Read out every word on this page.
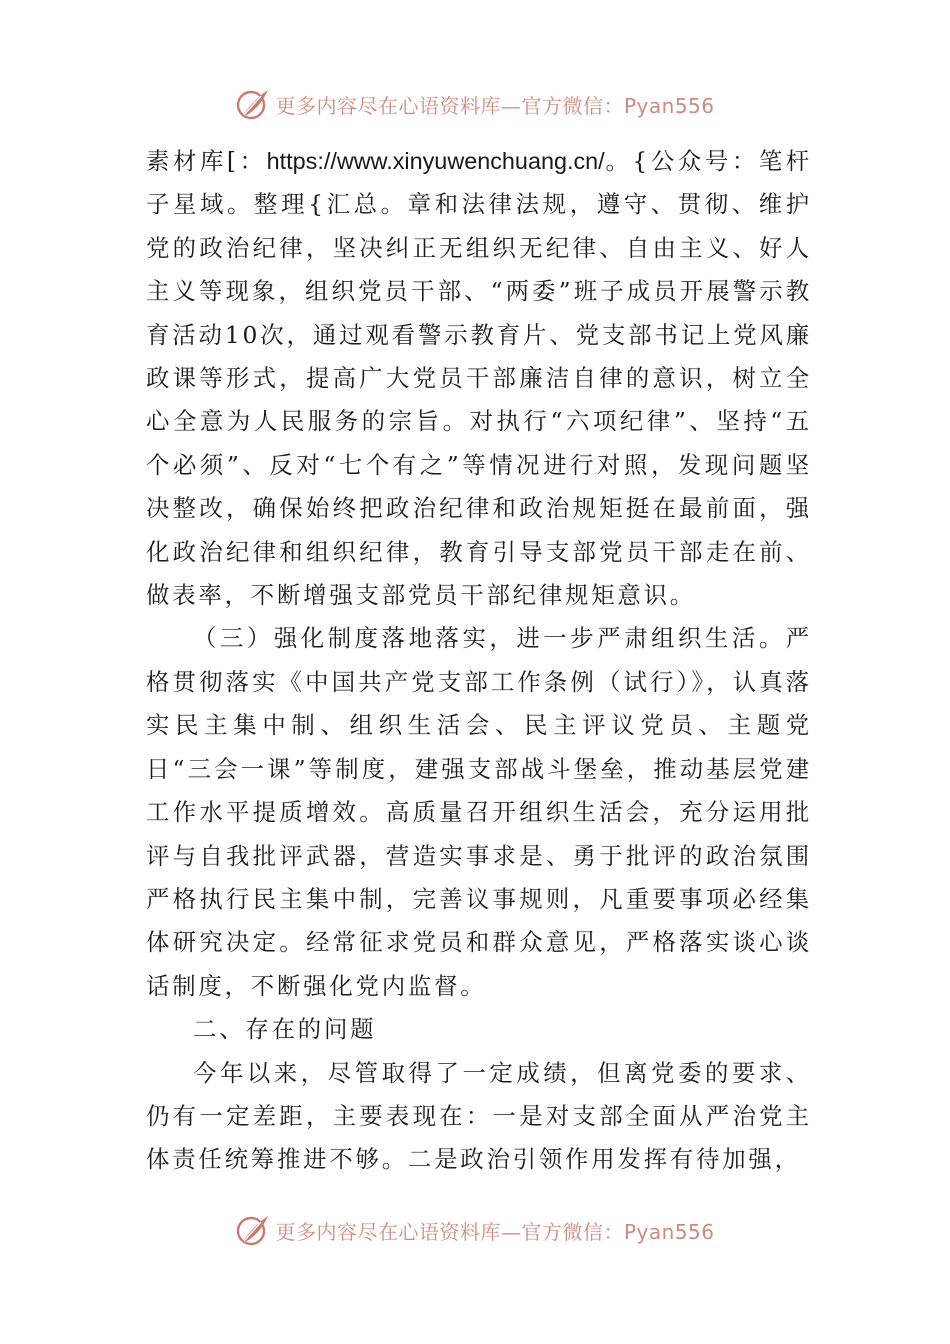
更多内容尽在心语资料库—官方微信：Pyan556

素材库[：https://www.xinyuwenchuang.cn/。{公众号：笔杆子星域。整理{汇总。章和法律法规，遵守、贯彻、维护党的政治纪律，坚决纠正无组织无纪律、自由主义、好人主义等现象，组织党员干部、“两委”班子成员开展警示教育活动10次，通过观看警示教育片、党支部书记上党风廉政课等形式，提高广大党员干部廉洁自律的意识，树立全心全意为人民服务的宗旨。对执行“六项纪律”、坚持“五个必须”、反对“七个有之”等情况进行对照，发现问题坚决整改，确保始终把政治纪律和政治规矩挺在最前面，强化政治纪律和组织纪律，教育引导支部党员干部走在前、做表率，不断增强支部党员干部纪律规矩意识。

（三）强化制度落地落实，进一步严肃组织生活。严格贯彻落实《中国共产党支部工作条例（试行）》，认真落实民主集中制、组织生活会、民主评议党员、主题党日“三会一课”等制度，建强支部战斗堡垒，推动基层党建工作水平提质增效。高质量召开组织生活会，充分运用批评与自我批评武器，营造实事求是、勇于批评的政治氛围严格执行民主集中制，完善议事规则，凡重要事项必经集体研究决定。经常征求党员和群众意见，严格落实谈心谈话制度，不断强化党内监督。

二、存在的问题

今年以来，尽管取得了一定成绩，但离党委的要求、仍有一定差距，主要表现在：一是对支部全面从严治党主体责任统筹推进不够。二是政治引领作用发挥有待加强，

更多内容尽在心语资料库—官方微信：Pyan556
